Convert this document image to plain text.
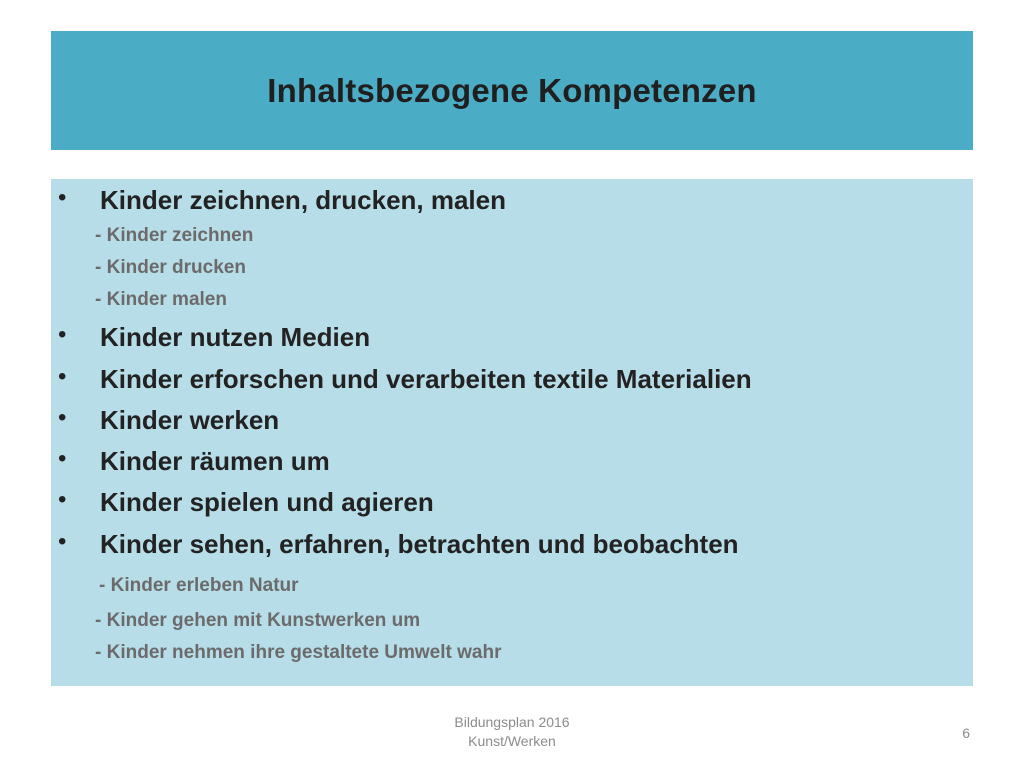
Inhaltsbezogene Kompetenzen
• Kinder zeichnen, drucken, malen
- Kinder zeichnen
- Kinder drucken
- Kinder malen
• Kinder nutzen Medien
• Kinder erforschen und verarbeiten textile Materialien
• Kinder werken
• Kinder räumen um
• Kinder spielen und agieren
• Kinder sehen, erfahren, betrachten und beobachten
- Kinder erleben Natur
- Kinder gehen mit Kunstwerken um
- Kinder nehmen ihre gestaltete Umwelt wahr
Bildungsplan 2016
Kunst/Werken	6
